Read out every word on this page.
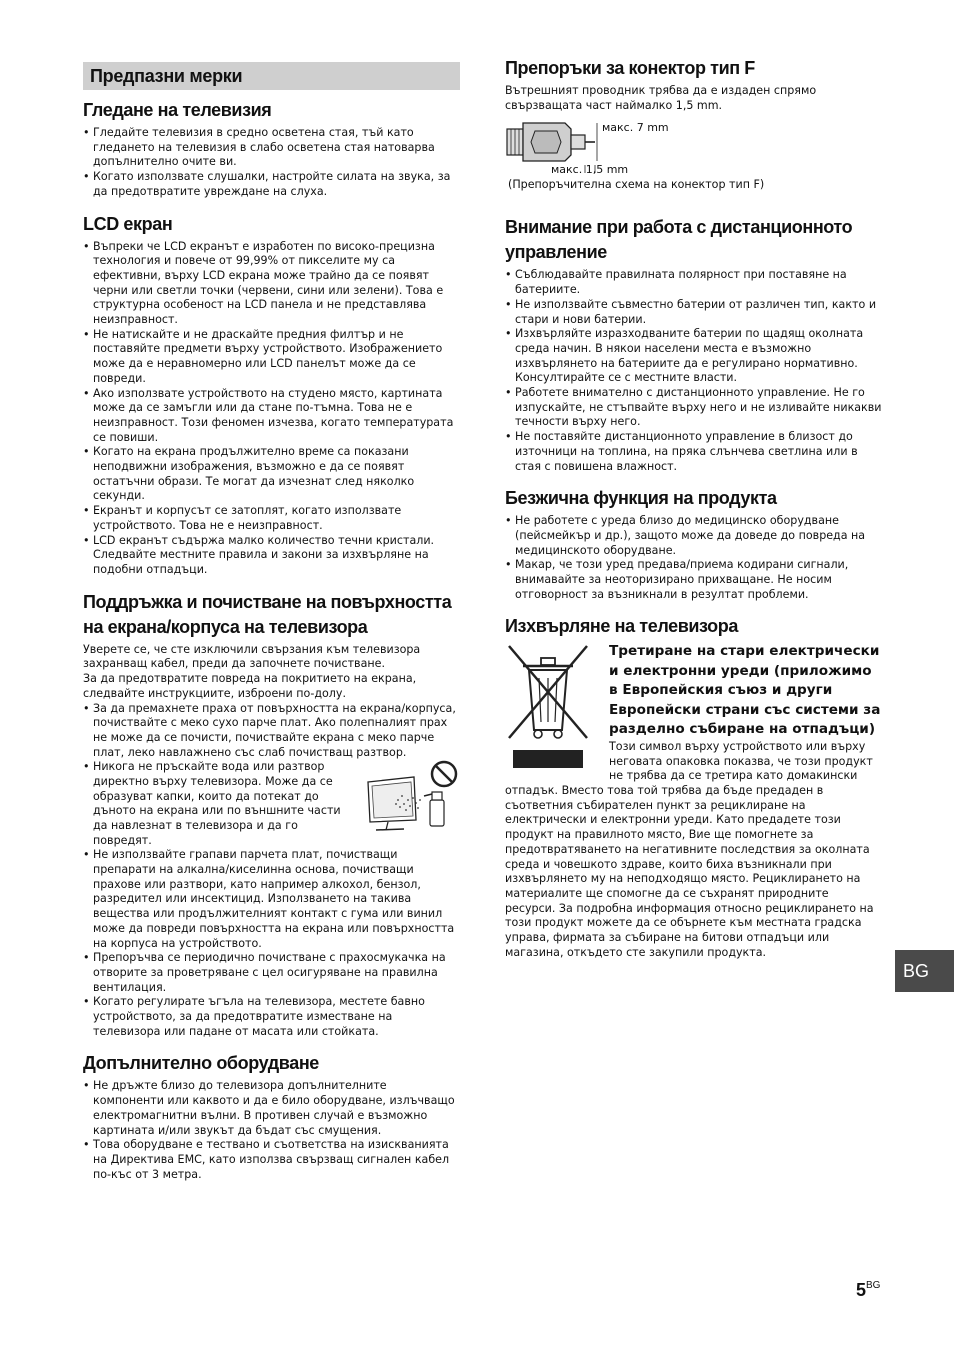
Предпазни мерки
Гледане на телевизия
• Гледайте телевизия в средно осветена стая, тъй като гледането на телевизия в слабо осветена стая натоварва допълнително очите ви.
• Когато използвате слушалки, настройте силата на звука, за да предотвратите увреждане на слуха.
LCD екран
• Въпреки че LCD екранът е изработен по високо-прецизна технология и повече от 99,99% от пикселите му са ефективни, върху LCD екрана може трайно да се появят черни или светли точки (червени, сини или зелени). Това е структурна особеност на LCD панела и не представлява неизправност.
• Не натискайте и не драскайте предния филтър и не поставяйте предмети върху устройството. Изображението може да е неравномерно или LCD панелът може да се повреди.
• Ако използвате устройството на студено място, картината може да се замъгли или да стане по-тъмна. Това не е неизправност. Този феномен изчезва, когато температурата се повиши.
• Когато на екрана продължително време са показани неподвижни изображения, възможно е да се появят остатъчни образи. Те могат да изчезнат след няколко секунди.
• Екранът и корпусът се затоплят, когато използвате устройството. Това не е неизправност.
• LCD екранът съдържа малко количество течни кристали. Следвайте местните правила и закони за изхвърляне на подобни отпадъци.
Поддръжка и почистване на повърхността на екрана/корпуса на телевизора

Уверете се, че сте изключили свързания към телевизора захранващ кабел, преди да започнете почистване.

За да предотвратите повреда на покритието на екрана, следвайте инструкциите, изброени по-долу.

• За да премахнете праха от повърхността на екрана/корпуса, почиствайте с меко сухо парче плат. Ако полепналият прах не може да се почисти, почиствайте екрана с меко парче плат, леко навлажнено със слаб почистващ разтвор.
• Никога не пръскайте вода или разтвор директно върху телевизора. Може да се образуват капки, които да потекат до дъното на екрана или по външните части да навлезнат в телевизора и да го повредят.
• Не използвайте грапави парчета плат, почистващи препарати на алкална/киселинна основа, почистващи прахове или разтвори, като например алкохол, бензол, разредител или инсектицид. Използването на такива вещества или продължителният контакт с гума или винил може да повреди повърхността на екрана или повърхността на корпуса на устройството.
• Препоръчва се периодично почистване с прахосмукачка на отворите за проветряване с цел осигуряване на правилна вентилация.
• Когато регулирате ъгъла на телевизора, местете бавно устройството, за да предотвратите изместване на телевизора или падане от масата или стойката.
Допълнително оборудване
• Не дръжте близо до телевизора допълнителните компоненти или каквото и да е било оборудване, излъчващо електромагнитни вълни. В противен случай е възможно картината и/или звукът да бъдат със смущения.
• Това оборудване е тествано и съответства на изискванията на Директива EMC, като използва свързващ сигнален кабел по-къс от 3 метра.
Препоръки за конектор тип F

Вътрешният проводник трябва да е издаден спрямо свързващата част наймалко 1,5 mm.

макс. 7 mm
макс. 1,5 mm

(Препоръчителна схема на конектор тип F)

Внимание при работа с дистанционното управление
• Съблюдавайте правилната полярност при поставяне на батериите.
• Не използвайте съвместно батерии от различен тип, както и стари и нови батерии.
• Изхвърляйте изразходваните батерии по щадящ околната среда начин. В някои населени места е възможно изхвърлянето на батериите да е регулирано нормативно. Консултирайте се с местните власти.
• Работете внимателно с дистанционното управление. Не го изпускайте, не стъпвайте върху него и не изливайте никакви течности върху него.
• Не поставяйте дистанционното управление в близост до източници на топлина, на пряка слънчева светлина или в стая с повишена влажност.
Безжична функция на продукта
• Не работете с уреда близо до медицинско оборудване (пейсмейкър и др.), защото може да доведе до повреда на медицинското оборудване.
• Макар, че този уред предава/приема кодирани сигнали, внимавайте за неоторизирано прихващане. Не носим отговорност за възникнали в резултат проблеми.
Изхвърляне на телевизора

Третиране на стари електрически и електронни уреди (приложимо в Европейския съюз и други Европейски страни със системи за разделно събиране на отпадъци)

Този символ върху устройството или върху неговата опаковка показва, че този продукт не трябва да се третира като домакински отпадък. Вместо това той трябва да бъде предаден в съответния събирателен пункт за рециклиране на електрически и електронни уреди. Като предадете този продукт на правилното място, Вие ще помогнете за предотвратяването на негативните последствия за околната среда и човешкото здраве, които биха възникнали при изхвърлянето му на неподходящо място. Рециклирането на материалите ще спомогне да се съхранят природните ресурси. За подробна информация относно рециклирането на този продукт можете да се обърнете към местната градска управа, фирмата за събиране на битови отпадъци или магазина, откъдето сте закупили продукта.

BG
$5^{BG}$
